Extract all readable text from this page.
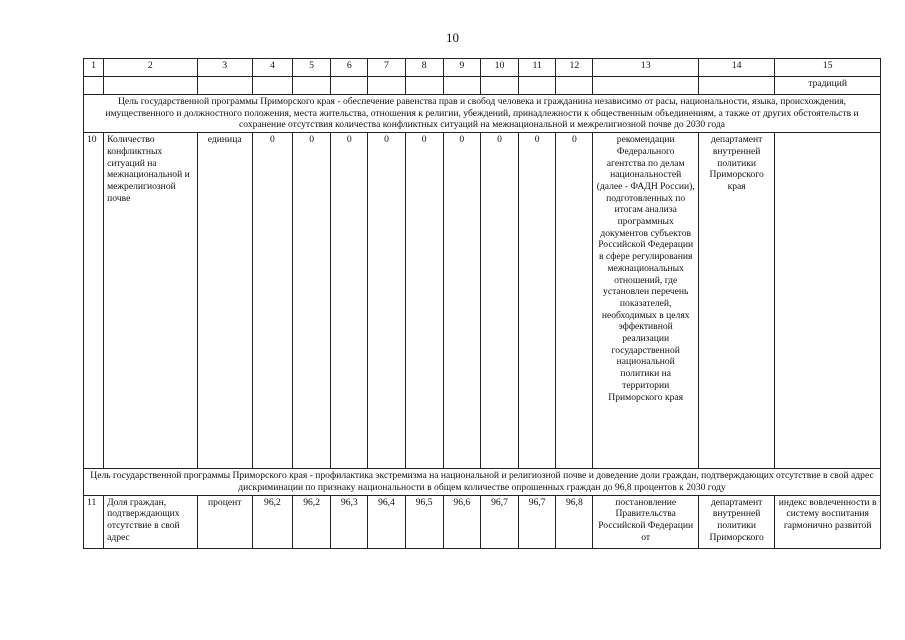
10
1	2	3	4	5	6	7	8	9	10	11	12	13	14	15
														традиций
Цель государственной программы Приморского края - обеспечение равенства прав и свобод человека и гражданина независимо от расы, национальности, языка, происхождения, имущественного и должностного положения, места жительства, отношения к религии, убеждений, принадлежности к общественным объединениям, а также от других обстоятельств и сохранение отсутствия количества конфликтных ситуаций на межнациональной и межрелигиозной почве до 2030 года														
10	Количество конфликтных ситуаций на межнациональной и межрелигиозной почве	единица	0	0	0	0	0	0	0	0	0	рекомендации Федерального агентства по делам национальностей (далее - ФАДН России), подготовленных по итогам анализа программных документов субъектов Российской Федерации в сфере регулирования межнациональных отношений, где установлен перечень показателей, необходимых в целях эффективной реализации государственной национальной политики на территории Приморского края	департамент внутренней политики Приморского края	
Цель государственной программы Приморского края - профилактика экстремизма на национальной и религиозной почве и доведение доли граждан, подтверждающих отсутствие в свой адрес дискриминации по признаку национальности в общем количестве опрошенных граждан до 96,8 процентов к 2030 году														
11	Доля граждан, подтверждающих отсутствие в свой адрес	процент	96,2	96,2	96,3	96,4	96,5	96,6	96,7	96,7	96,8	постановление Правительства Российской Федерации от	департамент внутренней политики Приморского	индекс вовлеченности в систему воспитания гармонично развитой
